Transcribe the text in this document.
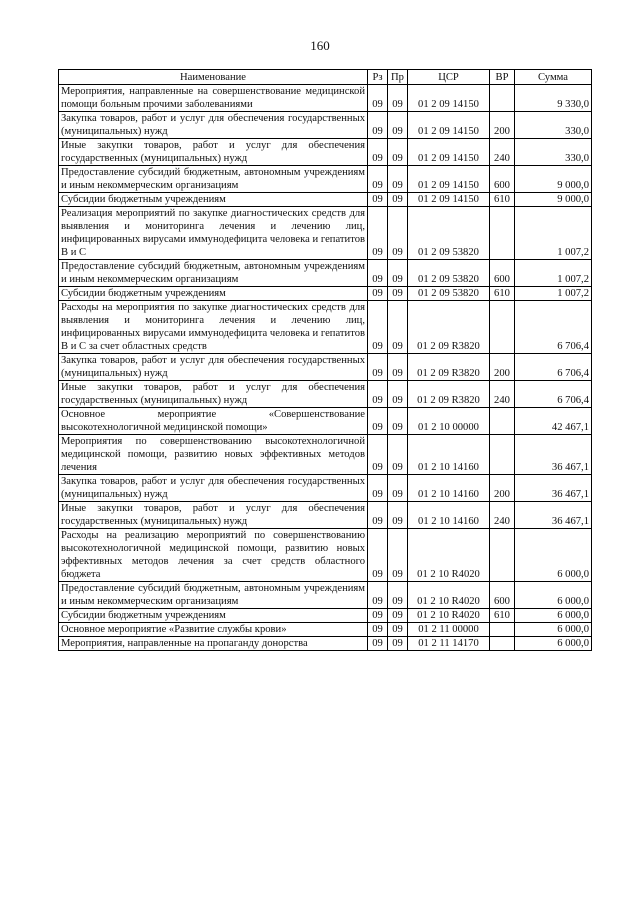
160
Наименование	Рз	Пр	ЦСР	ВР	Сумма
Мероприятия, направленные на совершенствование медицинской помощи больным прочими заболеваниями	09	09	01 2 09 14150		9 330,0
Закупка товаров, работ и услуг для обеспечения государственных (муниципальных) нужд	09	09	01 2 09 14150	200	330,0
Иные закупки товаров, работ и услуг для обеспечения государственных (муниципальных) нужд	09	09	01 2 09 14150	240	330,0
Предоставление субсидий бюджетным, автономным учреждениям и иным некоммерческим организациям	09	09	01 2 09 14150	600	9 000,0
Субсидии бюджетным учреждениям	09	09	01 2 09 14150	610	9 000,0
Реализация мероприятий по закупке диагностических средств для выявления и мониторинга лечения и лечению лиц, инфицированных вирусами иммунодефицита человека и гепатитов B и C	09	09	01 2 09 53820		1 007,2
Предоставление субсидий бюджетным, автономным учреждениям и иным некоммерческим организациям	09	09	01 2 09 53820	600	1 007,2
Субсидии бюджетным учреждениям	09	09	01 2 09 53820	610	1 007,2
Расходы на мероприятия по закупке диагностических средств для выявления и мониторинга лечения и лечению лиц, инфицированных вирусами иммунодефицита человека и гепатитов B и C за счет областных средств	09	09	01 2 09 R3820		6 706,4
Закупка товаров, работ и услуг для обеспечения государственных (муниципальных) нужд	09	09	01 2 09 R3820	200	6 706,4
Иные закупки товаров, работ и услуг для обеспечения государственных (муниципальных) нужд	09	09	01 2 09 R3820	240	6 706,4
Основное мероприятие «Совершенствование высокотехнологичной медицинской помощи»	09	09	01 2 10 00000		42 467,1
Мероприятия по совершенствованию высокотехнологичной медицинской помощи, развитию новых эффективных методов лечения	09	09	01 2 10 14160		36 467,1
Закупка товаров, работ и услуг для обеспечения государственных (муниципальных) нужд	09	09	01 2 10 14160	200	36 467,1
Иные закупки товаров, работ и услуг для обеспечения государственных (муниципальных) нужд	09	09	01 2 10 14160	240	36 467,1
Расходы на реализацию мероприятий по совершенствованию высокотехнологичной медицинской помощи, развитию новых эффективных методов лечения за счет средств областного бюджета	09	09	01 2 10 R4020		6 000,0
Предоставление субсидий бюджетным, автономным учреждениям и иным некоммерческим организациям	09	09	01 2 10 R4020	600	6 000,0
Субсидии бюджетным учреждениям	09	09	01 2 10 R4020	610	6 000,0
Основное мероприятие «Развитие службы крови»	09	09	01 2 11 00000		6 000,0
Мероприятия, направленные на пропаганду донорства	09	09	01 2 11 14170		6 000,0
